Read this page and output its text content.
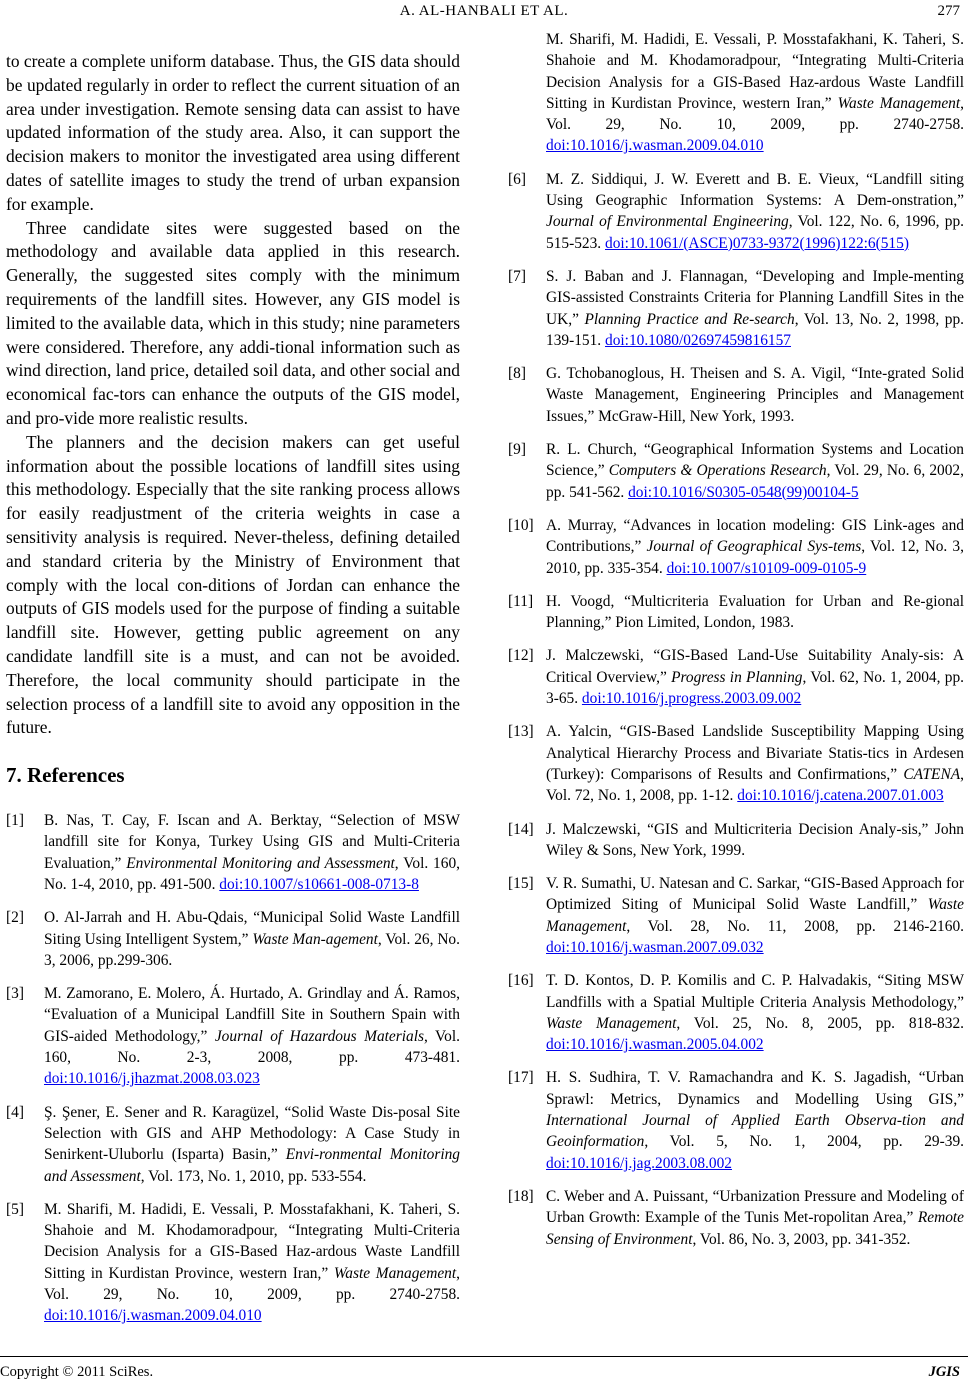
A. AL-HANBALI ET AL.	277

to create a complete uniform database. Thus, the GIS data should be updated regularly in order to reflect the current situation of an area under investigation. Remote sensing data can assist to have updated information of the study area. Also, it can support the decision makers to monitor the investigated area using different dates of satellite images to study the trend of urban expansion for example.

Three candidate sites were suggested based on the methodology and available data applied in this research. Generally, the suggested sites comply with the minimum requirements of the landfill sites. However, any GIS model is limited to the available data, which in this study; nine parameters were considered. Therefore, any addi-tional information such as wind direction, land price, detailed soil data, and other social and economical fac-tors can enhance the outputs of the GIS model, and pro-vide more realistic results.

The planners and the decision makers can get useful information about the possible locations of landfill sites using this methodology. Especially that the site ranking process allows for easily readjustment of the criteria weights in case a sensitivity analysis is required. Never-theless, defining detailed and standard criteria by the Ministry of Environment that comply with the local con-ditions of Jordan can enhance the outputs of GIS models used for the purpose of finding a suitable landfill site. However, getting public agreement on any candidate landfill site is a must, and can not be avoided. Therefore, the local community should participate in the selection process of a landfill site to avoid any opposition in the future.

7. References
[1] B. Nas, T. Cay, F. Iscan and A. Berktay, “Selection of MSW landfill site for Konya, Turkey Using GIS and Multi-Criteria Evaluation,” Environmental Monitoring and Assessment, Vol. 160, No. 1-4, 2010, pp. 491-500. doi:10.1007/s10661-008-0713-8
[2] O. Al-Jarrah and H. Abu-Qdais, “Municipal Solid Waste Landfill Siting Using Intelligent System,” Waste Man-agement, Vol. 26, No. 3, 2006, pp.299-306.
[3] M. Zamorano, E. Molero, Á. Hurtado, A. Grindlay and Á. Ramos, “Evaluation of a Municipal Landfill Site in Southern Spain with GIS-aided Methodology,” Journal of Hazardous Materials, Vol. 160, No. 2-3, 2008, pp. 473-481. doi:10.1016/j.jhazmat.2008.03.023
[4] Ş. Şener, E. Sener and R. Karagüzel, “Solid Waste Dis-posal Site Selection with GIS and AHP Methodology: A Case Study in Senirkent-Uluborlu (Isparta) Basin,” Envi-ronmental Monitoring and Assessment, Vol. 173, No. 1, 2010, pp. 533-554.
[5] M. Sharifi, M. Hadidi, E. Vessali, P. Mosstafakhani, K. Taheri, S. Shahoie and M. Khodamoradpour, “Integrating Multi-Criteria Decision Analysis for a GIS-Based Haz-ardous Waste Landfill Sitting in Kurdistan Province, western Iran,” Waste Management, Vol. 29, No. 10, 2009, pp. 2740-2758. doi:10.1016/j.wasman.2009.04.010
M. Sharifi, M. Hadidi, E. Vessali, P. Mosstafakhani, K. Taheri, S. Shahoie and M. Khodamoradpour, “Integrating Multi-Criteria Decision Analysis for a GIS-Based Haz-ardous Waste Landfill Sitting in Kurdistan Province, western Iran,” Waste Management, Vol. 29, No. 10, 2009, pp. 2740-2758. doi:10.1016/j.wasman.2009.04.010
[6] M. Z. Siddiqui, J. W. Everett and B. E. Vieux, “Landfill siting Using Geographic Information Systems: A Dem-onstration,” Journal of Environmental Engineering, Vol. 122, No. 6, 1996, pp. 515-523. doi:10.1061/(ASCE)0733-9372(1996)122:6(515)
[7] S. J. Baban and J. Flannagan, “Developing and Imple-menting GIS-assisted Constraints Criteria for Planning Landfill Sites in the UK,” Planning Practice and Re-search, Vol. 13, No. 2, 1998, pp. 139-151. doi:10.1080/02697459816157
[8] G. Tchobanoglous, H. Theisen and S. A. Vigil, “Inte-grated Solid Waste Management, Engineering Principles and Management Issues,” McGraw-Hill, New York, 1993.
[9] R. L. Church, “Geographical Information Systems and Location Science,” Computers & Operations Research, Vol. 29, No. 6, 2002, pp. 541-562. doi:10.1016/S0305-0548(99)00104-5
[10] A. Murray, “Advances in location modeling: GIS Link-ages and Contributions,” Journal of Geographical Sys-tems, Vol. 12, No. 3, 2010, pp. 335-354. doi:10.1007/s10109-009-0105-9
[11] H. Voogd, “Multicriteria Evaluation for Urban and Re-gional Planning,” Pion Limited, London, 1983.
[12] J. Malczewski, “GIS-Based Land-Use Suitability Analy-sis: A Critical Overview,” Progress in Planning, Vol. 62, No. 1, 2004, pp. 3-65. doi:10.1016/j.progress.2003.09.002
[13] A. Yalcin, “GIS-Based Landslide Susceptibility Mapping Using Analytical Hierarchy Process and Bivariate Statis-tics in Ardesen (Turkey): Comparisons of Results and Confirmations,” CATENA, Vol. 72, No. 1, 2008, pp. 1-12. doi:10.1016/j.catena.2007.01.003
[14] J. Malczewski, “GIS and Multicriteria Decision Analy-sis,” John Wiley & Sons, New York, 1999.
[15] V. R. Sumathi, U. Natesan and C. Sarkar, “GIS-Based Approach for Optimized Siting of Municipal Solid Waste Landfill,” Waste Management, Vol. 28, No. 11, 2008, pp. 2146-2160. doi:10.1016/j.wasman.2007.09.032
[16] T. D. Kontos, D. P. Komilis and C. P. Halvadakis, “Siting MSW Landfills with a Spatial Multiple Criteria Analysis Methodology,” Waste Management, Vol. 25, No. 8, 2005, pp. 818-832. doi:10.1016/j.wasman.2005.04.002
[17] H. S. Sudhira, T. V. Ramachandra and K. S. Jagadish, “Urban Sprawl: Metrics, Dynamics and Modelling Using GIS,” International Journal of Applied Earth Observa-tion and Geoinformation, Vol. 5, No. 1, 2004, pp. 29-39. doi:10.1016/j.jag.2003.08.002
[18] C. Weber and A. Puissant, “Urbanization Pressure and Modeling of Urban Growth: Example of the Tunis Met-ropolitan Area,” Remote Sensing of Environment, Vol. 86, No. 3, 2003, pp. 341-352.
Copyright © 2011 SciRes.	JGIS
